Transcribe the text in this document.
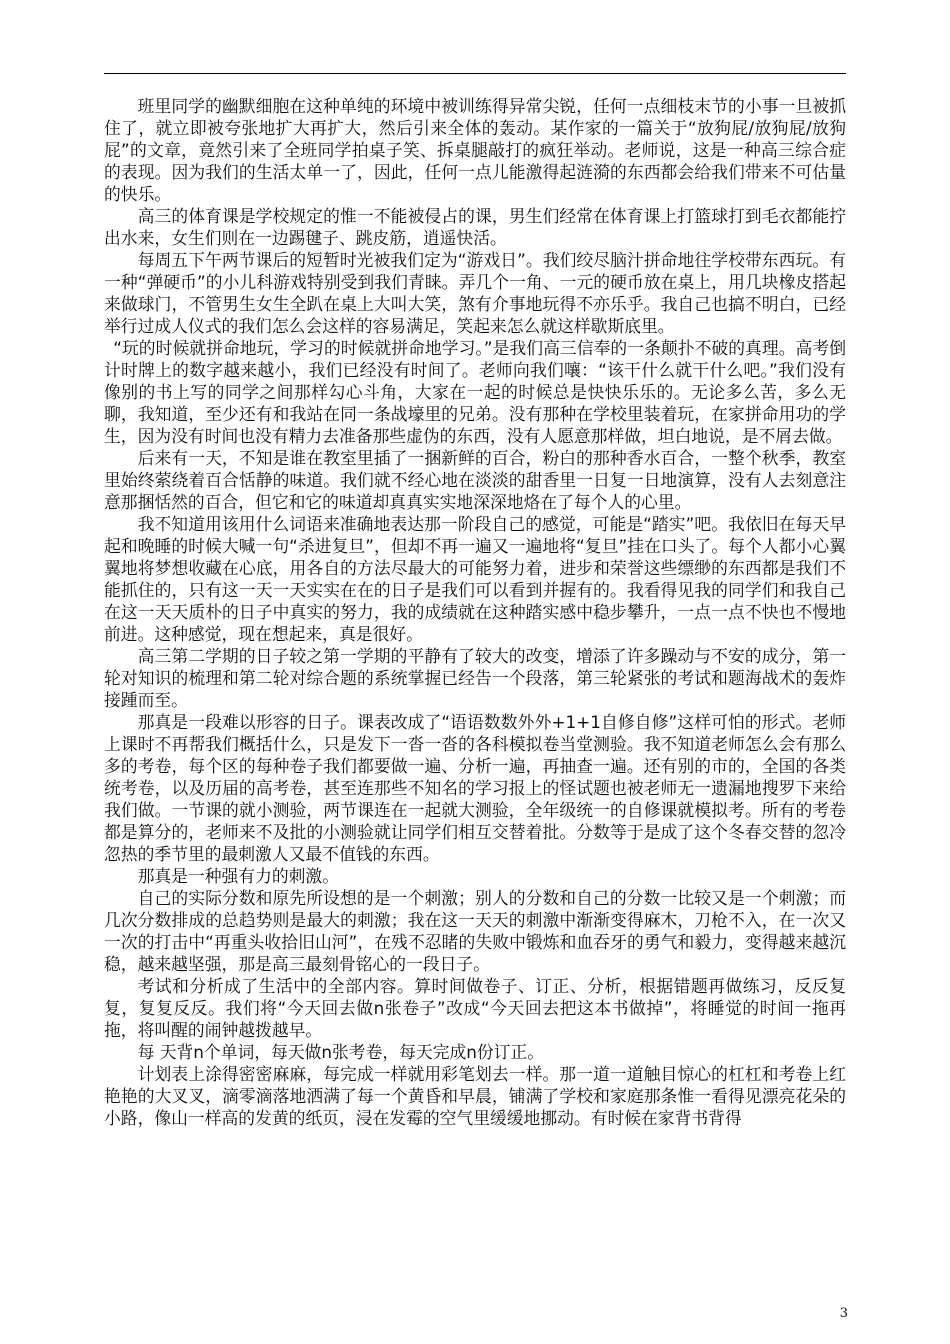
班里同学的幽默细胞在这种单纯的环境中被训练得异常尖锐，任何一点细枝末节的小事一旦被抓住了，就立即被夸张地扩大再扩大，然后引来全体的轰动。某作家的一篇关于“放狗屁/放狗屁/放狗屁”的文章，竟然引来了全班同学拍桌子笑、拆桌腿敲打的疯狂举动。老师说，这是一种高三综合症的表现。因为我们的生活太单一了，因此，任何一点儿能激得起涟漪的东西都会给我们带来不可估量的快乐。

高三的体育课是学校规定的惟一不能被侵占的课，男生们经常在体育课上打篮球打到毛衣都能拧出水来，女生们则在一边踢毽子、跳皮筋，逍遥快活。

每周五下午两节课后的短暂时光被我们定为“游戏日”。我们绞尽脑汁拼命地往学校带东西玩。有一种“弹硬币”的小儿科游戏特别受到我们青睐。弄几个一角、一元的硬币放在桌上，用几块橡皮搭起来做球门，不管男生女生全趴在桌上大叫大笑，煞有介事地玩得不亦乐乎。我自己也搞不明白，已经举行过成人仪式的我们怎么会这样的容易满足，笑起来怎么就这样歇斯底里。

“玩的时候就拼命地玩，学习的时候就拼命地学习。”是我们高三信奉的一条颠扑不破的真理。高考倒计时牌上的数字越来越小，我们已经没有时间了。老师向我们嚷：“该干什么就干什么吧。”我们没有像别的书上写的同学之间那样勾心斗角，大家在一起的时候总是快快乐乐的。无论多么苦，多么无聊，我知道，至少还有和我站在同一条战壕里的兄弟。没有那种在学校里装着玩，在家拼命用功的学生，因为没有时间也没有精力去准备那些虚伪的东西，没有人愿意那样做，坦白地说，是不屑去做。

后来有一天，不知是谁在教室里插了一捆新鲜的百合，粉白的那种香水百合，一整个秋季，教室里始终萦绕着百合恬静的味道。我们就不经心地在淡淡的甜香里一日复一日地演算，没有人去刻意注意那捆恬然的百合，但它和它的味道却真真实实地深深地烙在了每个人的心里。

我不知道用该用什么词语来准确地表达那一阶段自己的感觉，可能是“踏实”吧。我依旧在每天早起和晚睡的时候大喊一句“杀进复旦”，但却不再一遍又一遍地将“复旦”挂在口头了。每个人都小心翼翼地将梦想收藏在心底，用各自的方法尽最大的可能努力着，进步和荣誉这些缥缈的东西都是我们不能抓住的，只有这一天一天实实在在的日子是我们可以看到并握有的。我看得见我的同学们和我自己在这一天天质朴的日子中真实的努力，我的成绩就在这种踏实感中稳步攀升，一点一点不快也不慢地前进。这种感觉，现在想起来，真是很好。

高三第二学期的日子较之第一学期的平静有了较大的改变，增添了许多躁动与不安的成分，第一轮对知识的梳理和第二轮对综合题的系统掌握已经告一个段落，第三轮紧张的考试和题海战术的轰炸接踵而至。

那真是一段难以形容的日子。课表改成了“语语数数外外+1+1自修自修”这样可怕的形式。老师上课时不再帮我们概括什么，只是发下一沓一沓的各科模拟卷当堂测验。我不知道老师怎么会有那么多的考卷，每个区的每种卷子我们都要做一遍、分析一遍，再抽查一遍。还有别的市的，全国的各类统考卷，以及历届的高考卷，甚至连那些不知名的学习报上的怪试题也被老师无一遗漏地搜罗下来给我们做。一节课的就小测验，两节课连在一起就大测验，全年级统一的自修课就模拟考。所有的考卷都是算分的，老师来不及批的小测验就让同学们相互交替着批。分数等于是成了这个冬春交替的忽冷忽热的季节里的最刺激人又最不值钱的东西。

那真是一种强有力的刺激。

自己的实际分数和原先所设想的是一个刺激；别人的分数和自己的分数一比较又是一个刺激；而几次分数排成的总趋势则是最大的刺激；我在这一天天的刺激中渐渐变得麻木，刀枪不入，在一次又一次的打击中“再重头收拾旧山河”，在残不忍睹的失败中锻炼和血吞牙的勇气和毅力，变得越来越沉稳，越来越坚强，那是高三最刻骨铭心的一段日子。

考试和分析成了生活中的全部内容。算时间做卷子、订正、分析，根据错题再做练习，反反复复，复复反反。我们将“今天回去做n张卷子”改成“今天回去把这本书做掉”，将睡觉的时间一拖再拖，将叫醒的闹钟越拨越早。

每 天背n个单词，每天做n张考卷，每天完成n份订正。

计划表上涂得密密麻麻，每完成一样就用彩笔划去一样。那一道一道触目惊心的杠杠和考卷上红艳艳的大叉叉，滴零滴落地洒满了每一个黄昏和早晨，铺满了学校和家庭那条惟一看得见漂亮花朵的小路，像山一样高的发黄的纸页，浸在发霉的空气里缓缓地挪动。有时候在家背书背得

3
